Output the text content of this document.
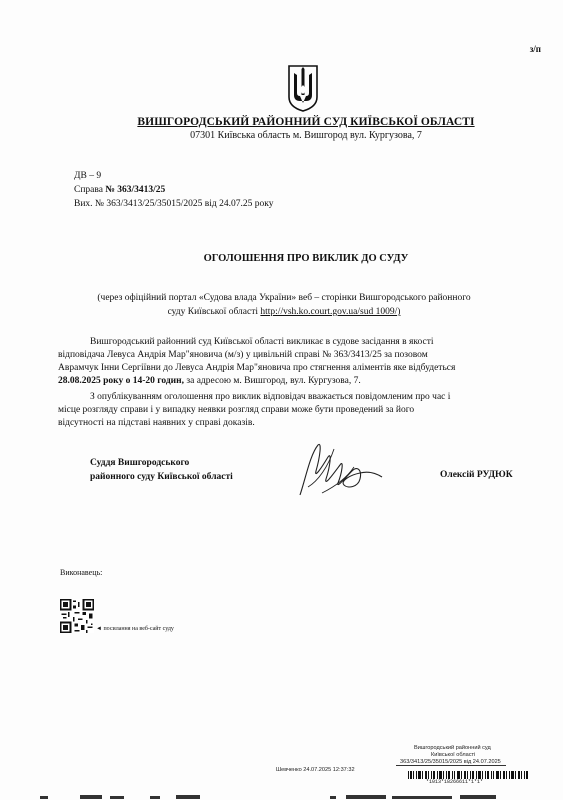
з/п
ВИШГОРОДСЬКИЙ РАЙОННИЙ СУД КИЇВСЬКОЇ ОБЛАСТІ
07301 Київська область м. Вишгород вул. Кургузова, 7
ДВ – 9
Справа № 363/3413/25
Вих. № 363/3413/25/35015/2025 від 24.07.25 року
ОГОЛОШЕННЯ ПРО ВИКЛИК ДО СУДУ
(через офіційний портал «Судова влада України» веб – сторінки Вишгородського районного
суду Київської області http://vsh.ko.court.gov.ua/sud 1009/)
Вишгородський районний суд Київської області викликає в судове засідання в якості
відповідача Левуса Андрія Мар"яновича (м/з) у цивільній справі № 363/3413/25 за позовом
Аврамчук Інни Сергіївни до Левуса Андрія Мар"яновича про стягнення аліментів яке відбудеться
28.08.2025 року о 14-20 годин, за адресою м. Вишгород, вул. Кургузова, 7.
З опублікуванням оголошення про виклик відповідач вважається повідомленим про час і
місце розгляду справи і у випадку неявки розгляд справи може бути проведений за його
відсутності на підставі наявних у справі доказів.
Суддя Вишгородського
районного суду Київської області	Олексій РУДЮК
Виконавець:
◄ посилання на веб-сайт суду
Вишгородський районний суд
Київської області
363/3413/25/35015/2025 від 24.07.2025
Шевченко 24.07.2025 12:37:32
*1013*18266611*1*1*
